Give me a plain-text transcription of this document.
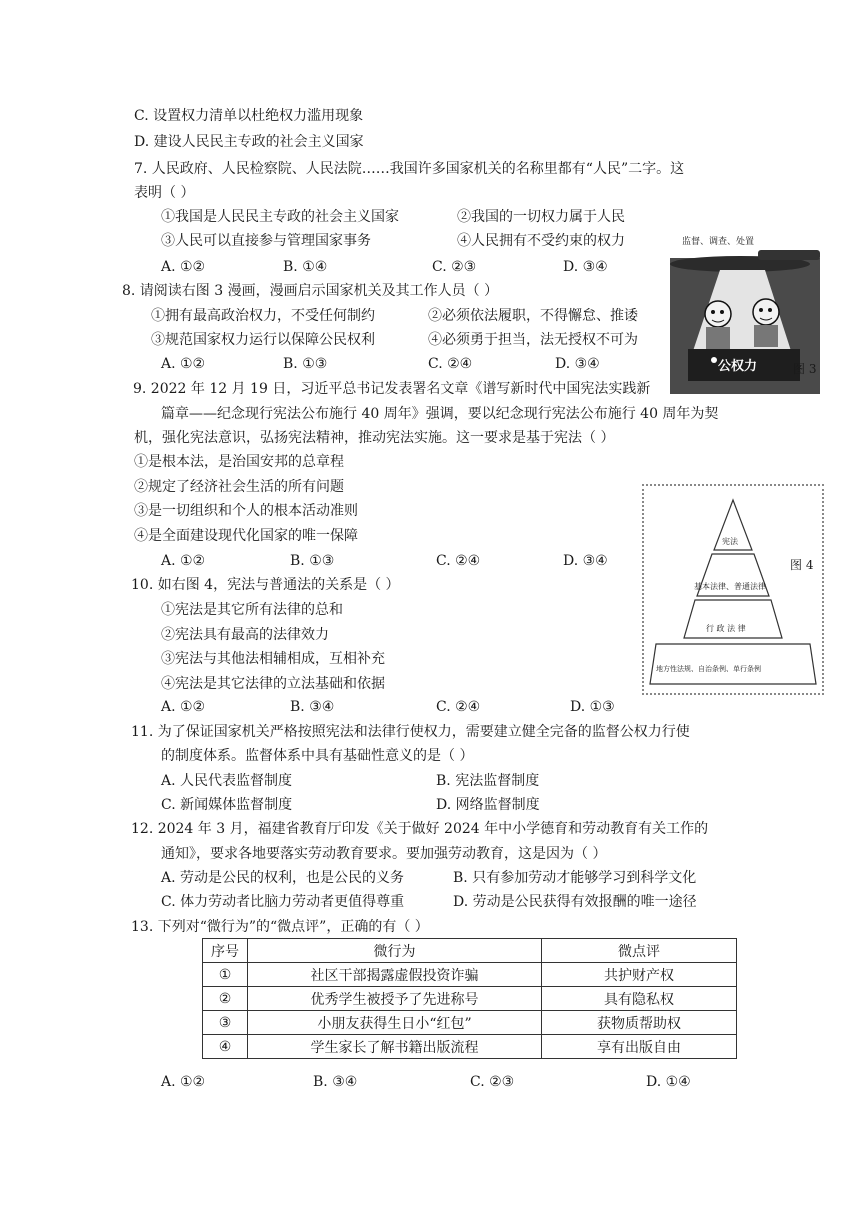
C. 设置权力清单以杜绝权力滥用现象
D. 建设人民民主专政的社会主义国家
7. 人民政府、人民检察院、人民法院……我国许多国家机关的名称里都有“人民”二字。这
表明（ ）
①我国是人民民主专政的社会主义国家	②我国的一切权力属于人民
③人民可以直接参与管理国家事务	④人民拥有不受约束的权力
A. ①②	B. ①④	C. ②③	D. ③④
8. 请阅读右图 3 漫画，漫画启示国家机关及其工作人员（ ）
①拥有最高政治权力，不受任何制约	②必须依法履职，不得懈怠、推诿
③规范国家权力运行以保障公民权利	④必须勇于担当，法无授权不可为
A. ①②	B. ①③	C. ②④	D. ③④
监督、调查、处置
公权力	图 3
9. 2022 年 12 月 19 日，习近平总书记发表署名文章《谱写新时代中国宪法实践新
篇章——纪念现行宪法公布施行 40 周年》强调，要以纪念现行宪法公布施行 40 周年为契
机，强化宪法意识，弘扬宪法精神，推动宪法实施。这一要求是基于宪法（ ）
①是根本法，是治国安邦的总章程
②规定了经济社会生活的所有问题
③是一切组织和个人的根本活动准则
④是全面建设现代化国家的唯一保障
A. ①②	B. ①③	C. ②④	D. ③④
宪法
基本法律、普通法律
行 政 法 律
地方性法规、自治条例、单行条例
图 4
10. 如右图 4，宪法与普通法的关系是（ ）
①宪法是其它所有法律的总和
②宪法具有最高的法律效力
③宪法与其他法相辅相成，互相补充
④宪法是其它法律的立法基础和依据
A. ①②	B. ③④	C. ②④	D. ①③
11. 为了保证国家机关严格按照宪法和法律行使权力，需要建立健全完备的监督公权力行使
的制度体系。监督体系中具有基础性意义的是（ ）
A. 人民代表监督制度	B. 宪法监督制度
C. 新闻媒体监督制度	D. 网络监督制度
12. 2024 年 3 月，福建省教育厅印发《关于做好 2024 年中小学德育和劳动教育有关工作的
通知》，要求各地要落实劳动教育要求。要加强劳动教育，这是因为（ ）
A. 劳动是公民的权利，也是公民的义务	B. 只有参加劳动才能够学习到科学文化
C. 体力劳动者比脑力劳动者更值得尊重	D. 劳动是公民获得有效报酬的唯一途径
13. 下列对“微行为”的“微点评”，正确的有（ ）
序号	微行为	微点评
①	社区干部揭露虚假投资诈骗	共护财产权
②	优秀学生被授予了先进称号	具有隐私权
③	小朋友获得生日小“红包”	获物质帮助权
④	学生家长了解书籍出版流程	享有出版自由
A. ①②	B. ③④	C. ②③	D. ①④
